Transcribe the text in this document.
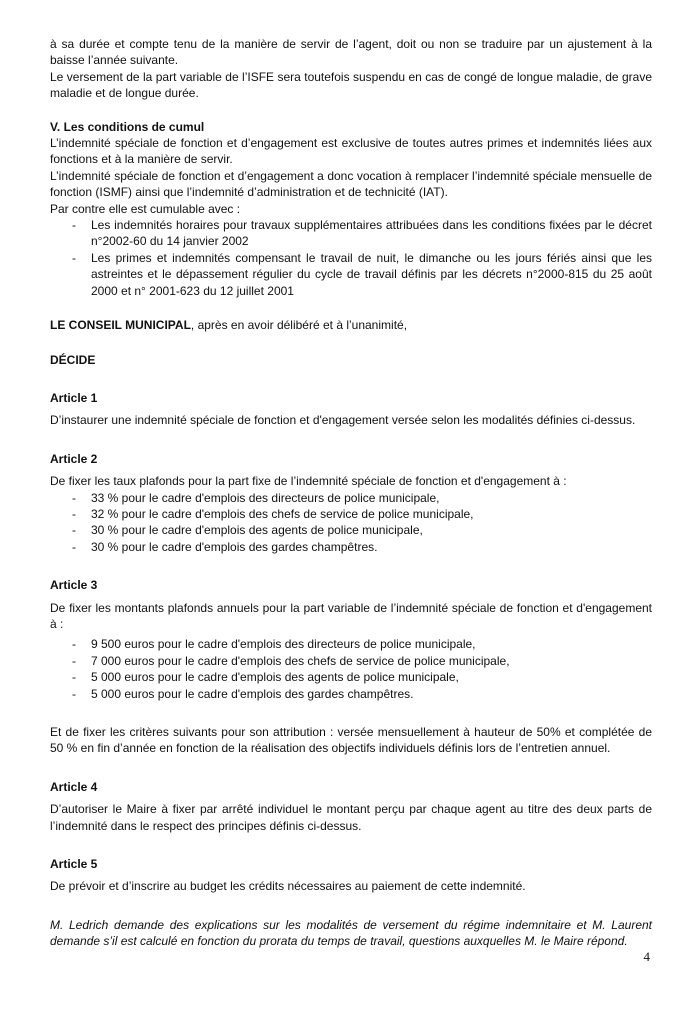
à sa durée et compte tenu de la manière de servir de l’agent, doit ou non se traduire par un ajustement à la baisse l’année suivante.

Le versement de la part variable de l’ISFE sera toutefois suspendu en cas de congé de longue maladie, de grave maladie et de longue durée.

V. Les conditions de cumul

L’indemnité spéciale de fonction et d’engagement est exclusive de toutes autres primes et indemnités liées aux fonctions et à la manière de servir.

L’indemnité spéciale de fonction et d’engagement a donc vocation à remplacer l’indemnité spéciale mensuelle de fonction (ISMF) ainsi que l’indemnité d’administration et de technicité (IAT).

Par contre elle est cumulable avec :

- Les indemnités horaires pour travaux supplémentaires attribuées dans les conditions fixées par le décret n°2002-60 du 14 janvier 2002
- Les primes et indemnités compensant le travail de nuit, le dimanche ou les jours fériés ainsi que les astreintes et le dépassement régulier du cycle de travail définis par les décrets n°2000-815 du 25 août 2000 et n° 2001-623 du 12 juillet 2001

LE CONSEIL MUNICIPAL, après en avoir délibéré et à l’unanimité,

DÉCIDE

Article 1

D’instaurer une indemnité spéciale de fonction et d'engagement versée selon les modalités définies ci-dessus.

Article 2

De fixer les taux plafonds pour la part fixe de l’indemnité spéciale de fonction et d'engagement à :

- 33 % pour le cadre d'emplois des directeurs de police municipale,
- 32 % pour le cadre d'emplois des chefs de service de police municipale,
- 30 % pour le cadre d'emplois des agents de police municipale,
- 30 % pour le cadre d'emplois des gardes champêtres.

Article 3

De fixer les montants plafonds annuels pour la part variable de l’indemnité spéciale de fonction et d'engagement à :

- 9 500 euros pour le cadre d'emplois des directeurs de police municipale,
- 7 000 euros pour le cadre d'emplois des chefs de service de police municipale,
- 5 000 euros pour le cadre d'emplois des agents de police municipale,
- 5 000 euros pour le cadre d'emplois des gardes champêtres.

Et de fixer les critères suivants pour son attribution : versée mensuellement à hauteur de 50% et complétée de 50 % en fin d’année en fonction de la réalisation des objectifs individuels définis lors de l’entretien annuel.

Article 4

D’autoriser le Maire à fixer par arrêté individuel le montant perçu par chaque agent au titre des deux parts de l’indemnité dans le respect des principes définis ci-dessus.

Article 5

De prévoir et d’inscrire au budget les crédits nécessaires au paiement de cette indemnité.

M. Ledrich demande des explications sur les modalités de versement du régime indemnitaire et M. Laurent demande s’il est calculé en fonction du prorata du temps de travail, questions auxquelles M. le Maire répond.

4
